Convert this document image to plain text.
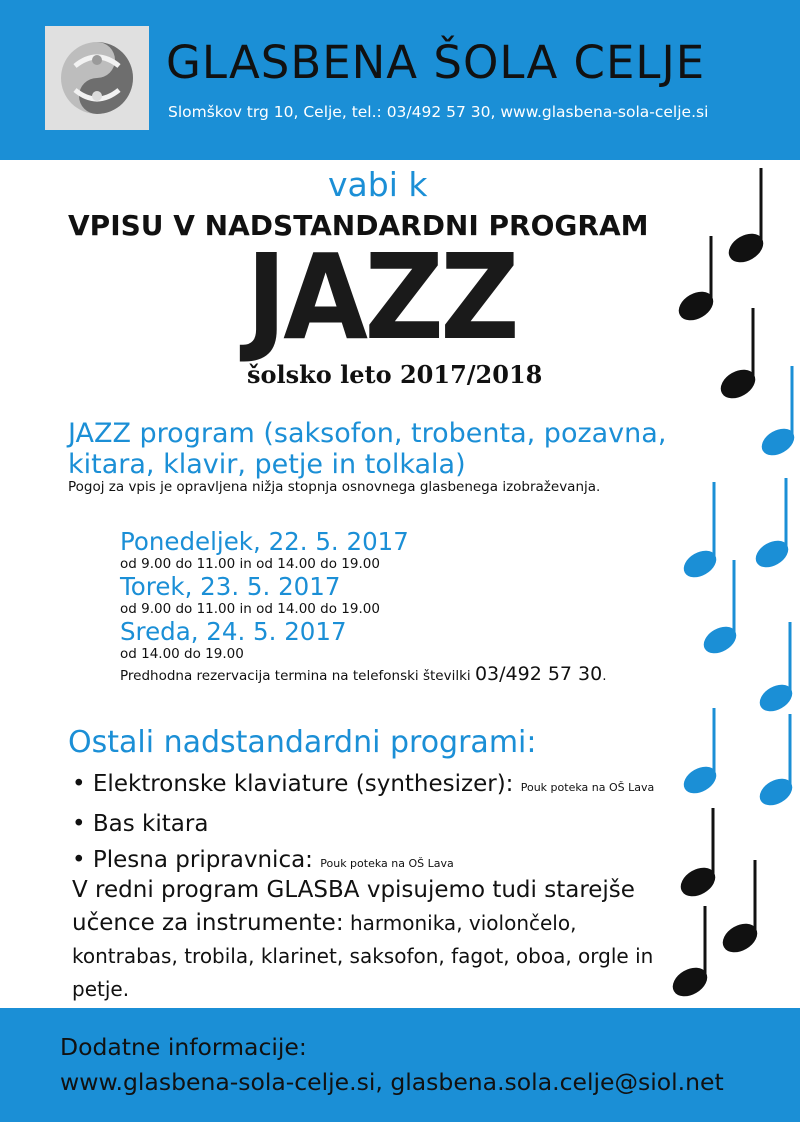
GLASBENA ŠOLA CELJE
Slomškov trg 10, Celje, tel.: 03/492 57 30, www.glasbena-sola-celje.si
vabi k
VPISU V NADSTANDARDNI PROGRAM
JAZZ
šolsko leto 2017/2018
JAZZ program (saksofon, trobenta, pozavna,
kitara, klavir, petje in tolkala)
Pogoj za vpis je opravljena nižja stopnja osnovnega glasbenega izobraževanja.
Ponedeljek, 22. 5. 2017
od 9.00 do 11.00 in od 14.00 do 19.00
Torek, 23. 5. 2017
od 9.00 do 11.00 in od 14.00 do 19.00
Sreda, 24. 5. 2017
od 14.00 do 19.00
Predhodna rezervacija termina na telefonski številki 03/492 57 30.
Ostali nadstandardni programi:
• Elektronske klaviature (synthesizer): Pouk poteka na OŠ Lava
• Bas kitara
• Plesna pripravnica: Pouk poteka na OŠ Lava
V redni program GLASBA vpisujemo tudi starejše
učence za instrumente: harmonika, violončelo,
kontrabas, trobila, klarinet, saksofon, fagot, oboa, orgle in
petje.
Dodatne informacije:
www.glasbena-sola-celje.si, glasbena.sola.celje@siol.net
